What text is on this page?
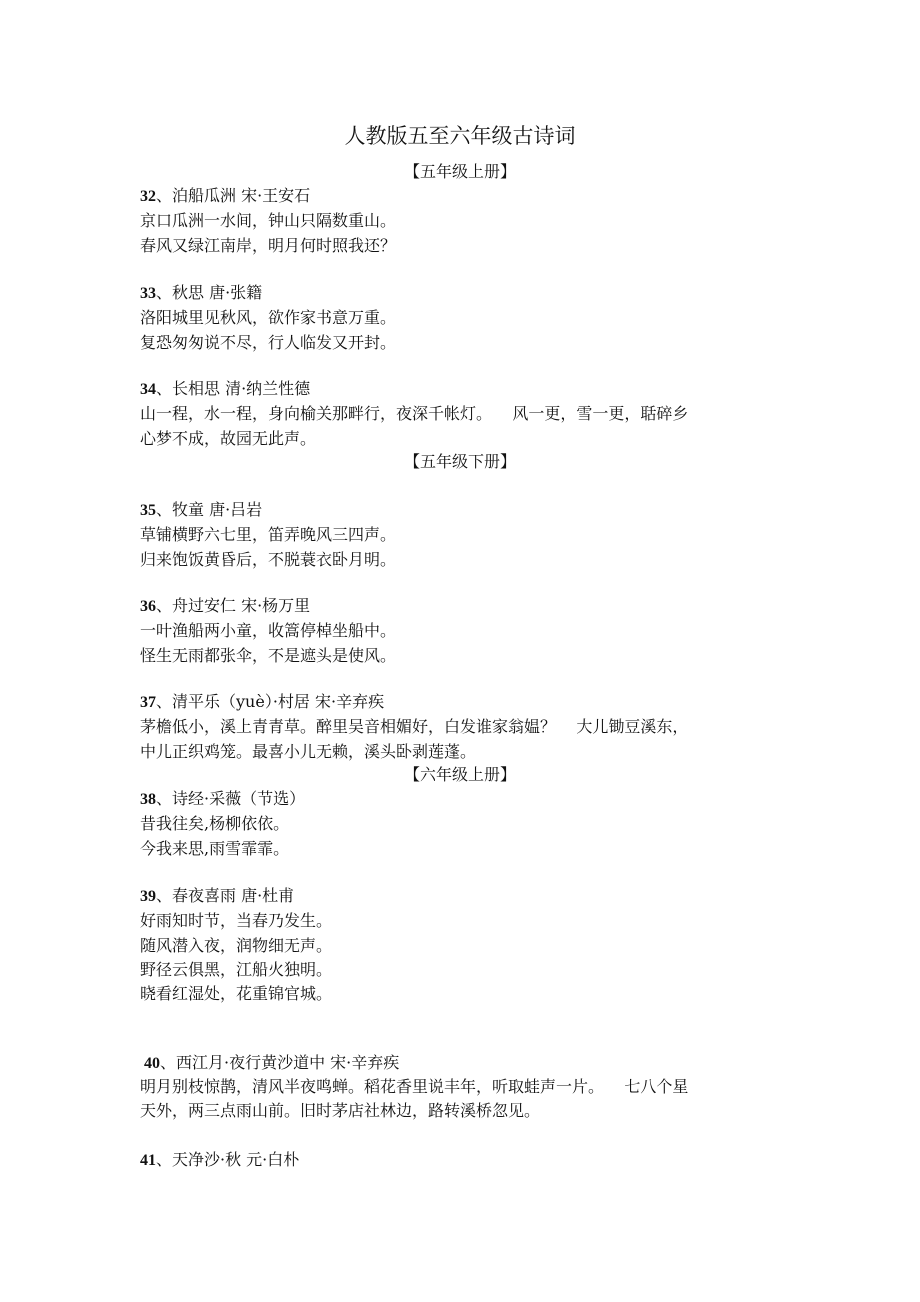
人教版五至六年级古诗词
【五年级上册】
32、泊船瓜洲 宋·王安石
京口瓜洲一水间，钟山只隔数重山。
春风又绿江南岸，明月何时照我还？
33、秋思 唐·张籍
洛阳城里见秋风，欲作家书意万重。
复恐匆匆说不尽，行人临发又开封。
34、长相思 清·纳兰性德
山一程，水一程，身向榆关那畔行，夜深千帐灯。    风一更，雪一更，聒碎乡
心梦不成，故园无此声。
【五年级下册】
35、牧童 唐·吕岩
草铺横野六七里，笛弄晚风三四声。
归来饱饭黄昏后，不脱蓑衣卧月明。
36、舟过安仁 宋·杨万里
一叶渔船两小童，收篙停棹坐船中。
怪生无雨都张伞，不是遮头是使风。
37、清平乐（yuè）·村居 宋·辛弃疾
茅檐低小，溪上青青草。醉里吴音相媚好，白发谁家翁媪？    大儿锄豆溪东，
中儿正织鸡笼。最喜小儿无赖，溪头卧剥莲蓬。
【六年级上册】
38、诗经·采薇（节选）
昔我往矣,杨柳依依。
今我来思,雨雪霏霏。
39、春夜喜雨 唐·杜甫
好雨知时节，当春乃发生。
随风潜入夜，润物细无声。
野径云俱黑，江船火独明。
晓看红湿处，花重锦官城。
40、西江月·夜行黄沙道中 宋·辛弃疾
明月别枝惊鹊，清风半夜鸣蝉。稻花香里说丰年，听取蛙声一片。    七八个星
天外，两三点雨山前。旧时茅店社林边，路转溪桥忽见。
41、天净沙·秋 元·白朴
